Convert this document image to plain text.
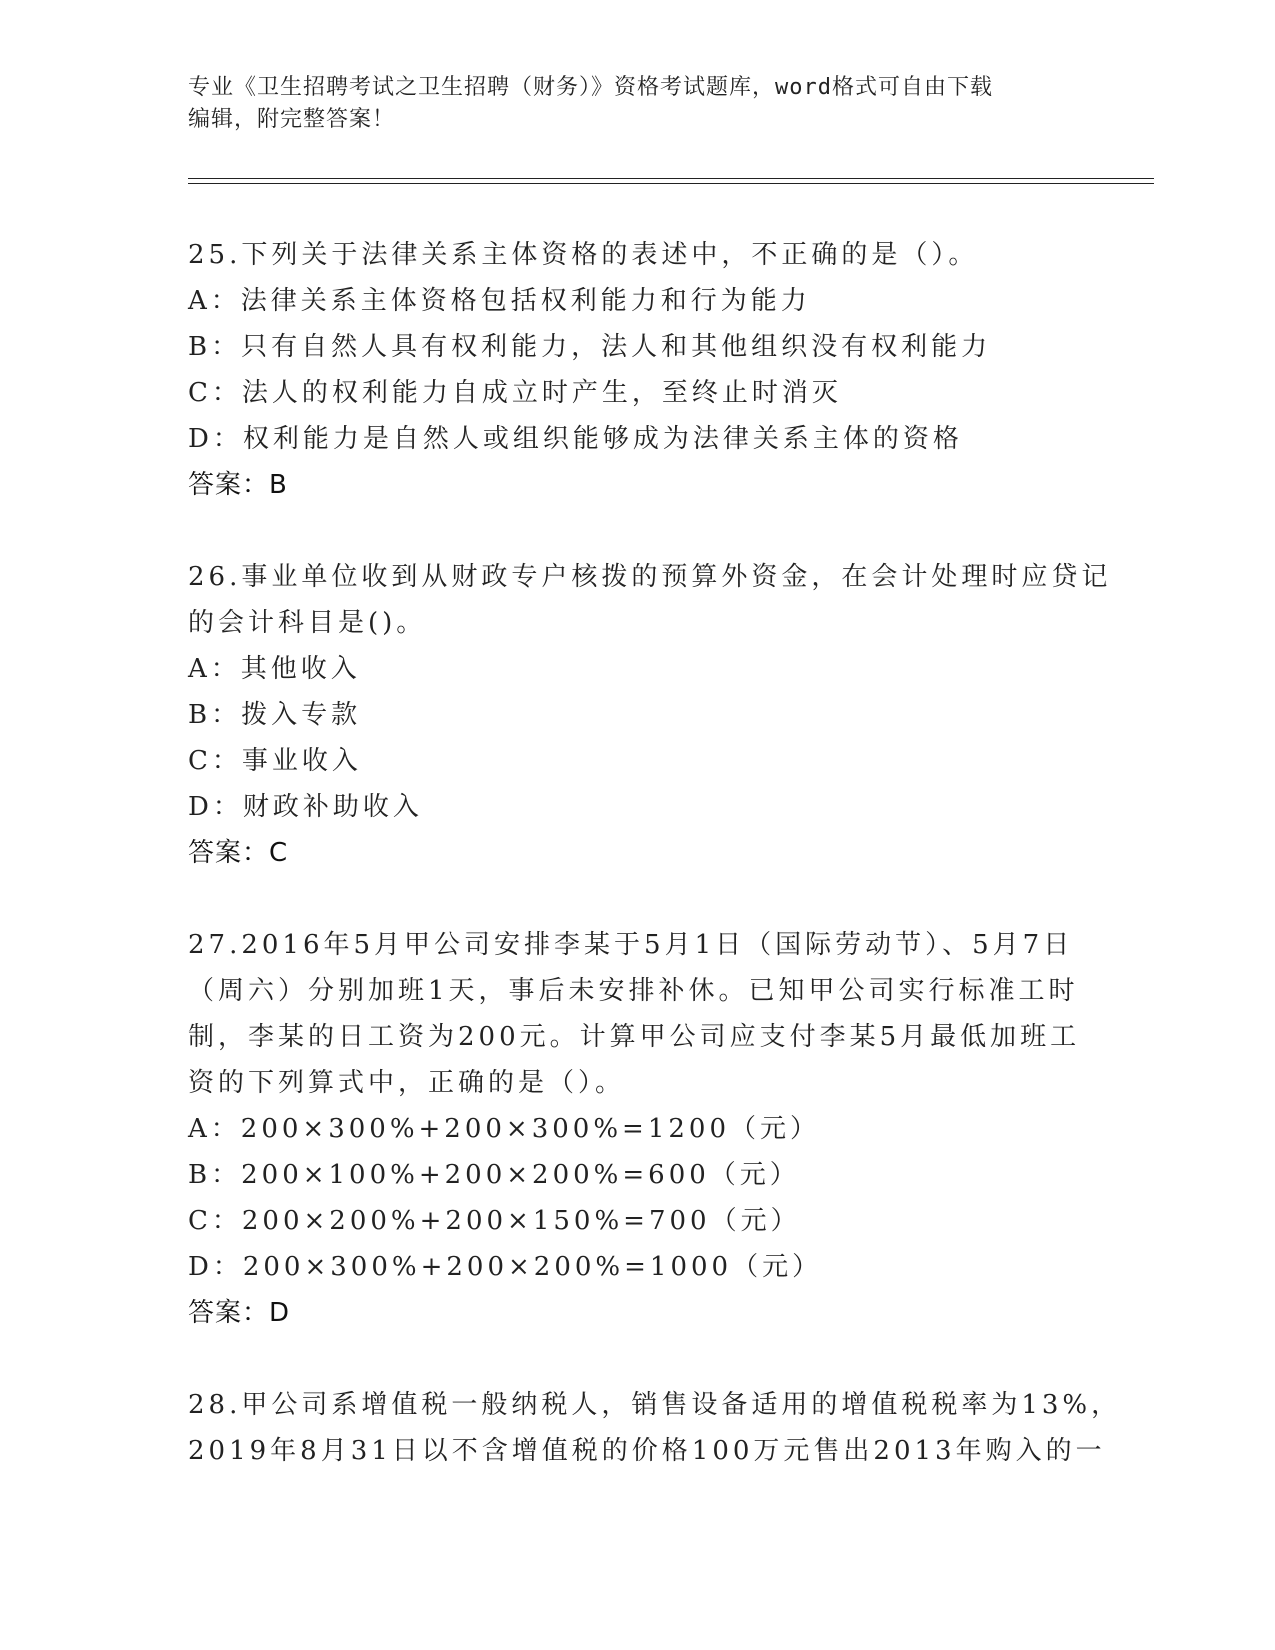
专业《卫生招聘考试之卫生招聘（财务）》资格考试题库，word格式可自由下载
编辑，附完整答案！
25.下列关于法律关系主体资格的表述中，不正确的是（）。
A：法律关系主体资格包括权利能力和行为能力
B：只有自然人具有权利能力，法人和其他组织没有权利能力
C：法人的权利能力自成立时产生，至终止时消灭
D：权利能力是自然人或组织能够成为法律关系主体的资格
答案：B
26.事业单位收到从财政专户核拨的预算外资金，在会计处理时应贷记
的会计科目是()。
A：其他收入
B：拨入专款
C：事业收入
D：财政补助收入
答案：C
27.2016年5月甲公司安排李某于5月1日（国际劳动节）、5月7日
（周六）分别加班1天，事后未安排补休。已知甲公司实行标准工时
制，李某的日工资为200元。计算甲公司应支付李某5月最低加班工
资的下列算式中，正确的是（）。
A：200×300%+200×300%=1200（元）
B：200×100%+200×200%=600（元）
C：200×200%+200×150%=700（元）
D：200×300%+200×200%=1000（元）
答案：D
28.甲公司系增值税一般纳税人，销售设备适用的增值税税率为13%，
2019年8月31日以不含增值税的价格100万元售出2013年购入的一
